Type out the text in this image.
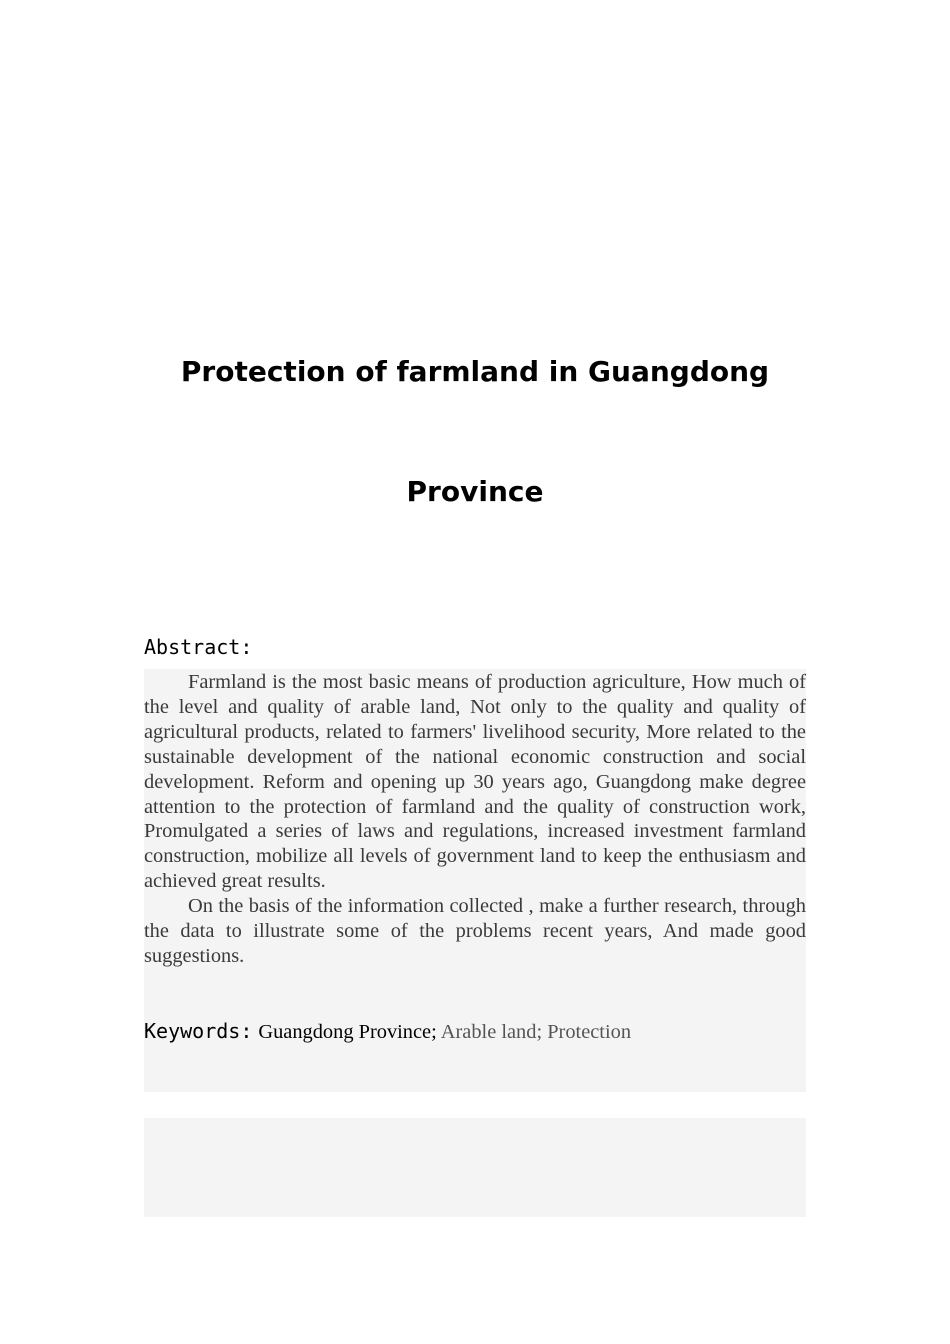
Protection of farmland in Guangdong
Province
Abstract:

Farmland is the most basic means of production agriculture, How much of the level and quality of arable land, Not only to the quality and quality of agricultural products, related to farmers' livelihood security, More related to the sustainable development of the national economic construction and social development. Reform and opening up 30 years ago, Guangdong make degree attention to the protection of farmland and the quality of construction work, Promulgated a series of laws and regulations, increased investment farmland construction, mobilize all levels of government land to keep the enthusiasm and achieved great results.

On the basis of the information collected , make a further research, through the data to illustrate some of the problems recent years, And made good suggestions.

Keywords: Guangdong Province; Arable land; Protection
